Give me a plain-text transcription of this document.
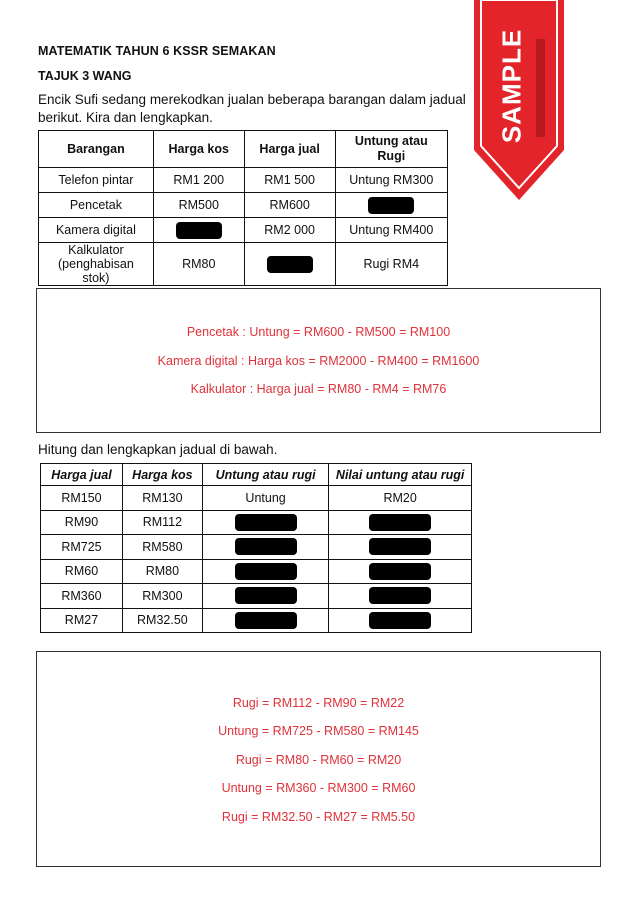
MATEMATIK TAHUN 6 KSSR SEMAKAN
TAJUK 3 WANG
Encik Sufi sedang merekodkan jualan beberapa barangan dalam jadual
berikut. Kira dan lengkapkan.
Barangan	Harga kos	Harga jual	Untung atau Rugi
Telefon pintar	RM1 200	RM1 500	Untung RM300
Pencetak	RM500	RM600	
Kamera digital		RM2 000	Untung RM400
Kalkulator (penghabisan stok)	RM80		Rugi RM4
Pencetak : Untung = RM600 - RM500 = RM100
Kamera digital : Harga kos = RM2000 - RM400 = RM1600
Kalkulator : Harga jual = RM80 - RM4 = RM76
Hitung dan lengkapkan jadual di bawah.
Harga jual	Harga kos	Untung atau rugi	Nilai untung atau rugi
RM150	RM130	Untung	RM20
RM90	RM112		
RM725	RM580		
RM60	RM80		
RM360	RM300		
RM27	RM32.50		
Rugi = RM112 - RM90 = RM22
Untung = RM725 - RM580 = RM145
Rugi = RM80 - RM60 = RM20
Untung = RM360 - RM300 = RM60
Rugi = RM32.50 - RM27 = RM5.50
SAMPLE
